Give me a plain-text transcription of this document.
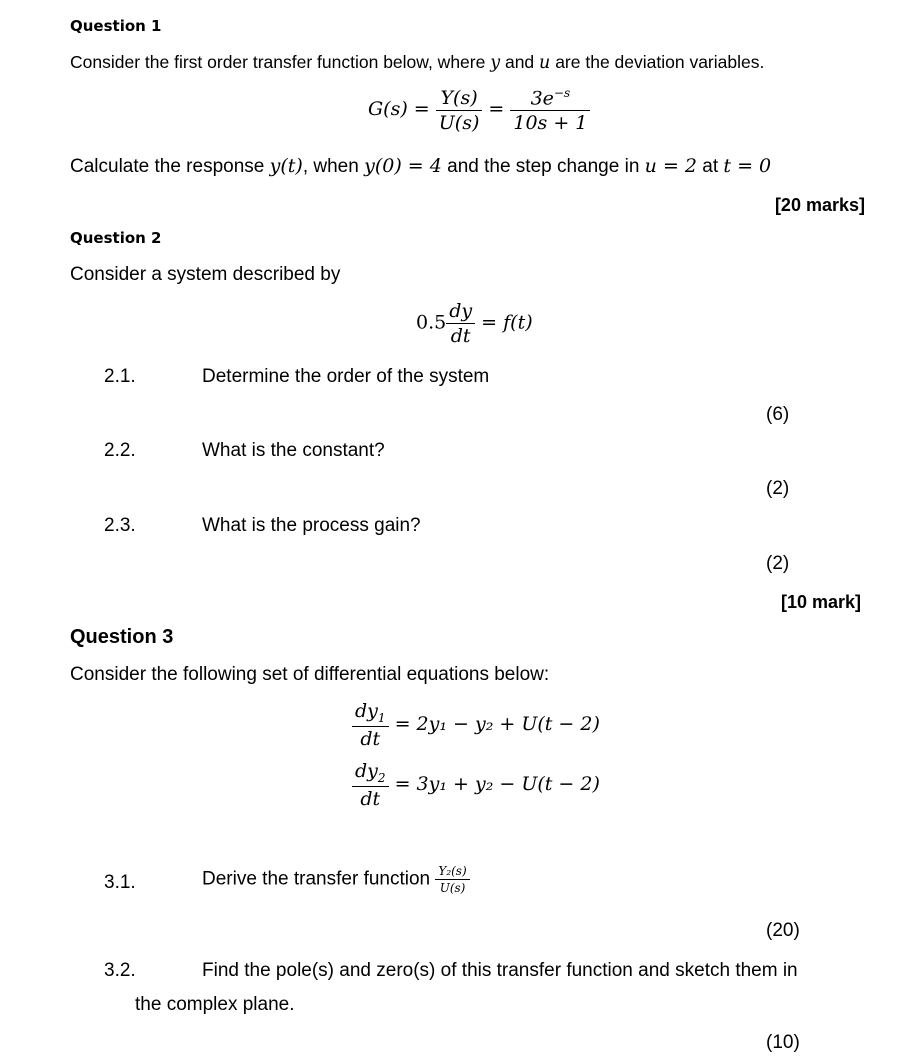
Question 1
Consider the first order transfer function below, where y and u are the deviation variables.
$G(s) = \frac{Y(s)}{U(s)} = \frac{3e^{-s}}{10s + 1}$
Calculate the response y(t), when y(0) = 4 and the step change in u = 2 at t = 0
[20 marks]
Question 2
Consider a system described by
$0.5 \frac{dy}{dt} = f(t)$
2.1.	Determine the order of the system
(6)
2.2.	What is the constant?
(2)
2.3.	What is the process gain?
(2)
[10 mark]
Question 3
Consider the following set of differential equations below:
$\frac{dy_1}{dt} = 2y_1 - y_2 + U(t - 2)$
$\frac{dy_2}{dt} = 3y_1 + y_2 - U(t - 2)$
3.1.	Derive the transfer function $\frac{\text{Y₂(s)}}{U(s)}$
(20)
3.2.	Find the pole(s) and zero(s) of this transfer function and sketch them in
the complex plane.
(10)
